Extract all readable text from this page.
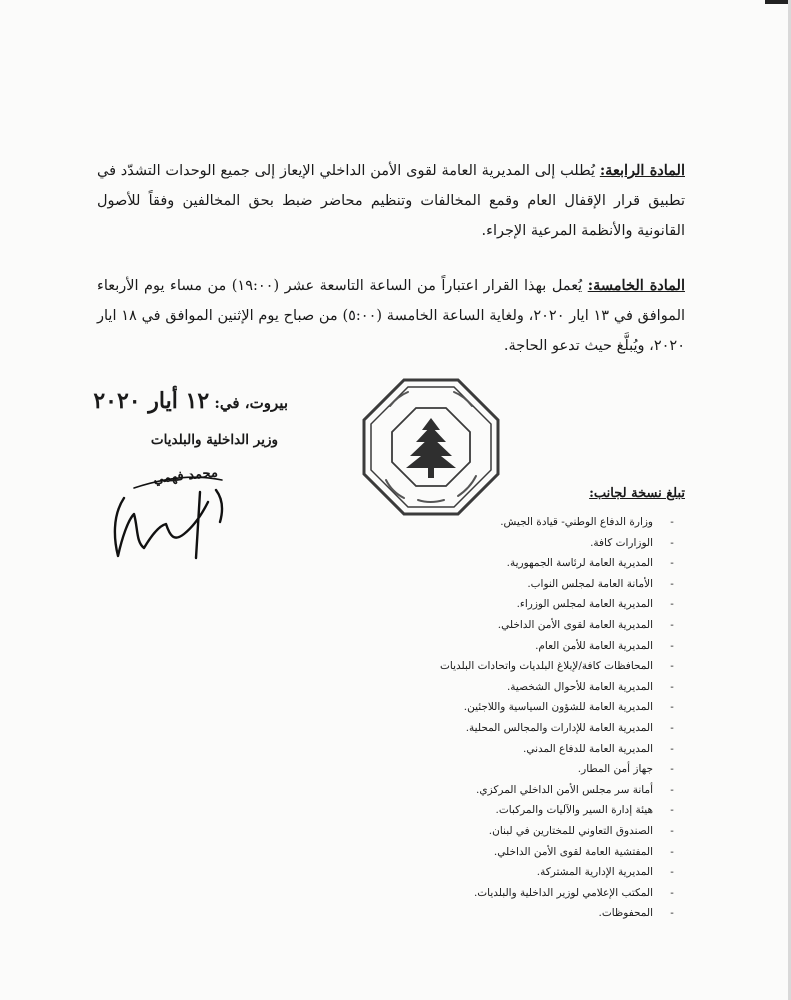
المادة الرابعة: يُطلب إلى المديرية العامة لقوى الأمن الداخلي الإيعاز إلى جميع الوحدات التشدّد في تطبيق قرار الإقفال العام وقمع المخالفات وتنظيم محاضر ضبط بحق المخالفين وفقاً للأصول القانونية والأنظمة المرعية الإجراء.
المادة الخامسة: يُعمل بهذا القرار اعتباراً من الساعة التاسعة عشر (١٩:٠٠) من مساء يوم الأربعاء الموافق في ١٣ ايار ٢٠٢٠، ولغاية الساعة الخامسة (٥:٠٠) من صباح يوم الإثنين الموافق في ١٨ ايار ٢٠٢٠، ويُبلَّغ حيث تدعو الحاجة.
بيروت، في: ١٢ أيار ٢٠٢٠
وزير الداخلية والبلديات
محمد فهمي
تبلغ نسخة لجانب:
-وزارة الدفاع الوطني- قيادة الجيش.
-الوزارات كافة.
-المديرية العامة لرئاسة الجمهورية.
-الأمانة العامة لمجلس النواب.
-المديرية العامة لمجلس الوزراء.
-المديرية العامة لقوى الأمن الداخلي.
-المديرية العامة للأمن العام.
-المحافظات كافة/لإبلاغ البلديات واتحادات البلديات
-المديرية العامة للأحوال الشخصية.
-المديرية العامة للشؤون السياسية واللاجئين.
-المديرية العامة للإدارات والمجالس المحلية.
-المديرية العامة للدفاع المدني.
-جهاز أمن المطار.
-أمانة سر مجلس الأمن الداخلي المركزي.
-هيئة إدارة السير والآليات والمركبات.
-الصندوق التعاوني للمختارين في لبنان.
-المفتشية العامة لقوى الأمن الداخلي.
-المديرية الإدارية المشتركة.
-المكتب الإعلامي لوزير الداخلية والبلديات.
-المحفوظات.
